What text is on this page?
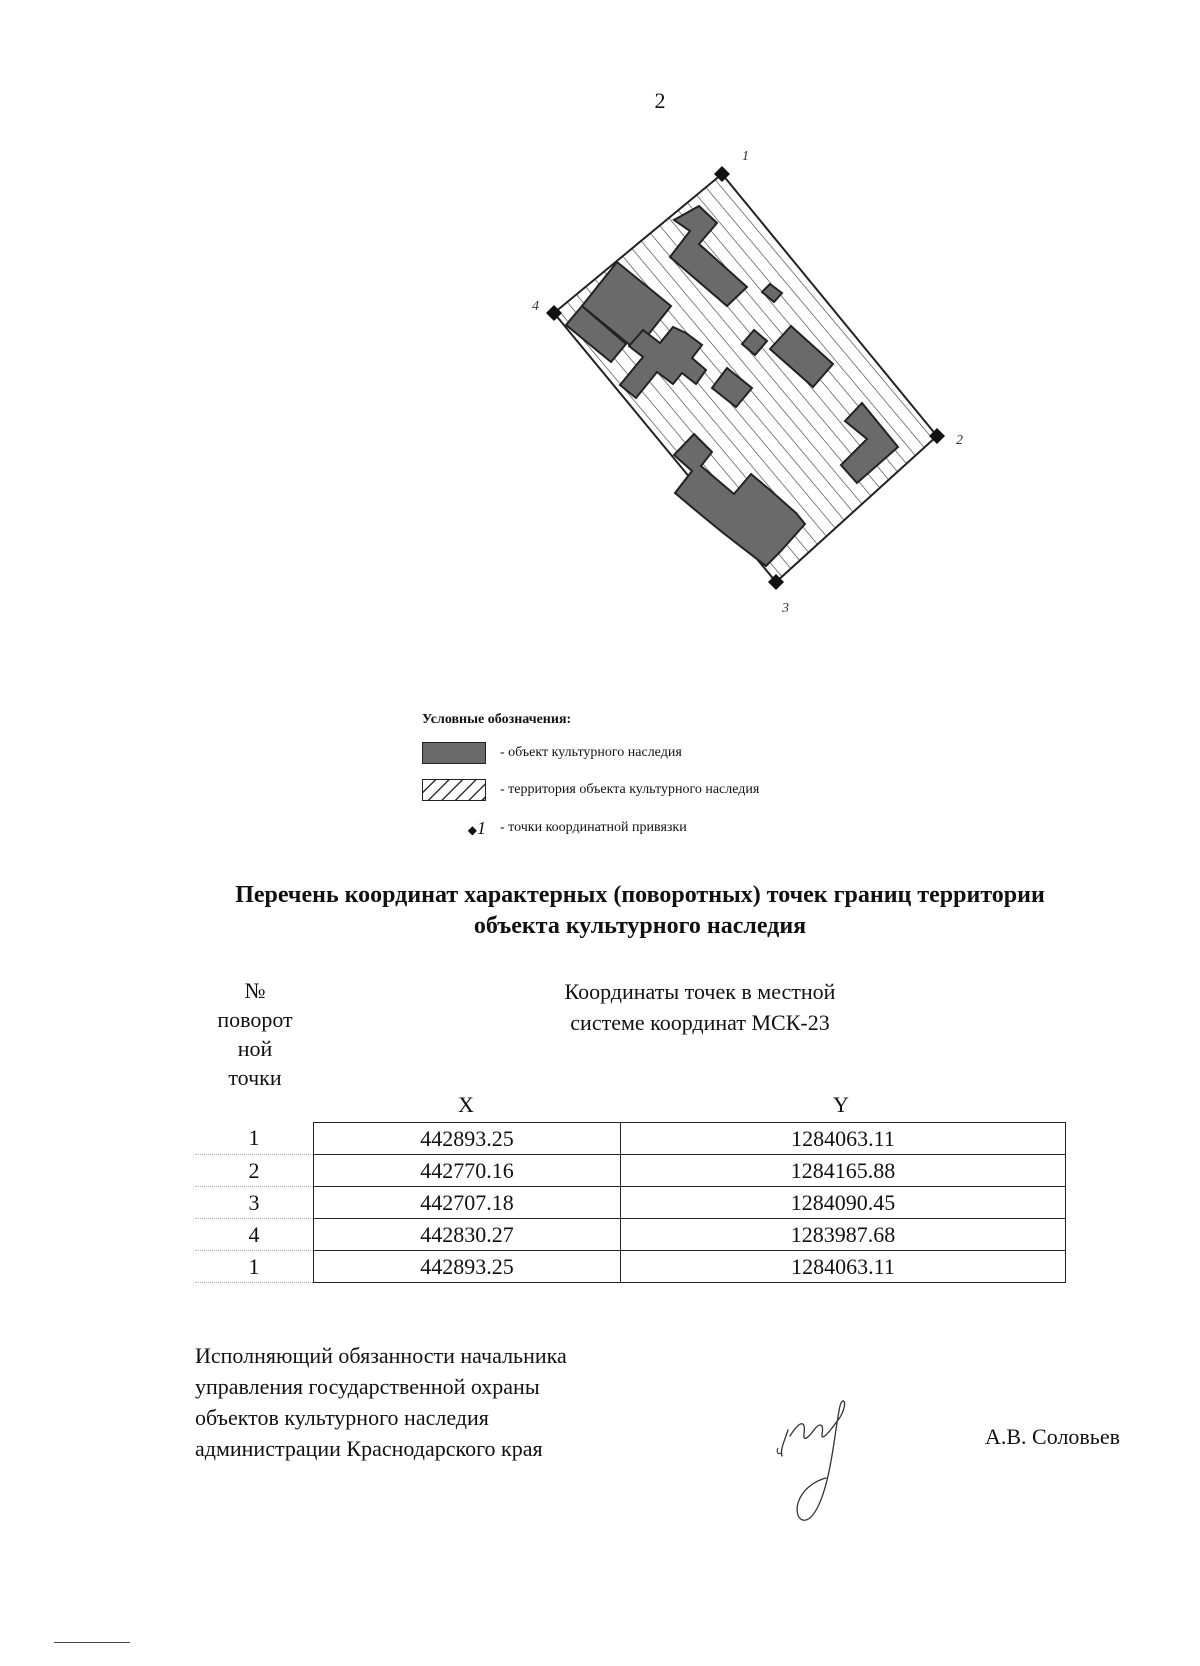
2
1
2
3
4
Условные обозначения:
- объект культурного наследия
- территория объекта культурного наследия
◆1 - точки координатной привязки
Перечень координат характерных (поворотных) точек границ территории
объекта культурного наследия
№
поворот
ной
точки
Координаты точек в местной
системе координат МСК-23
X	Y
1	442893.25	1284063.11
2	442770.16	1284165.88
3	442707.18	1284090.45
4	442830.27	1283987.68
1	442893.25	1284063.11
Исполняющий обязанности начальника
управления государственной охраны
объектов культурного наследия
администрации Краснодарского края	А.В. Соловьев
